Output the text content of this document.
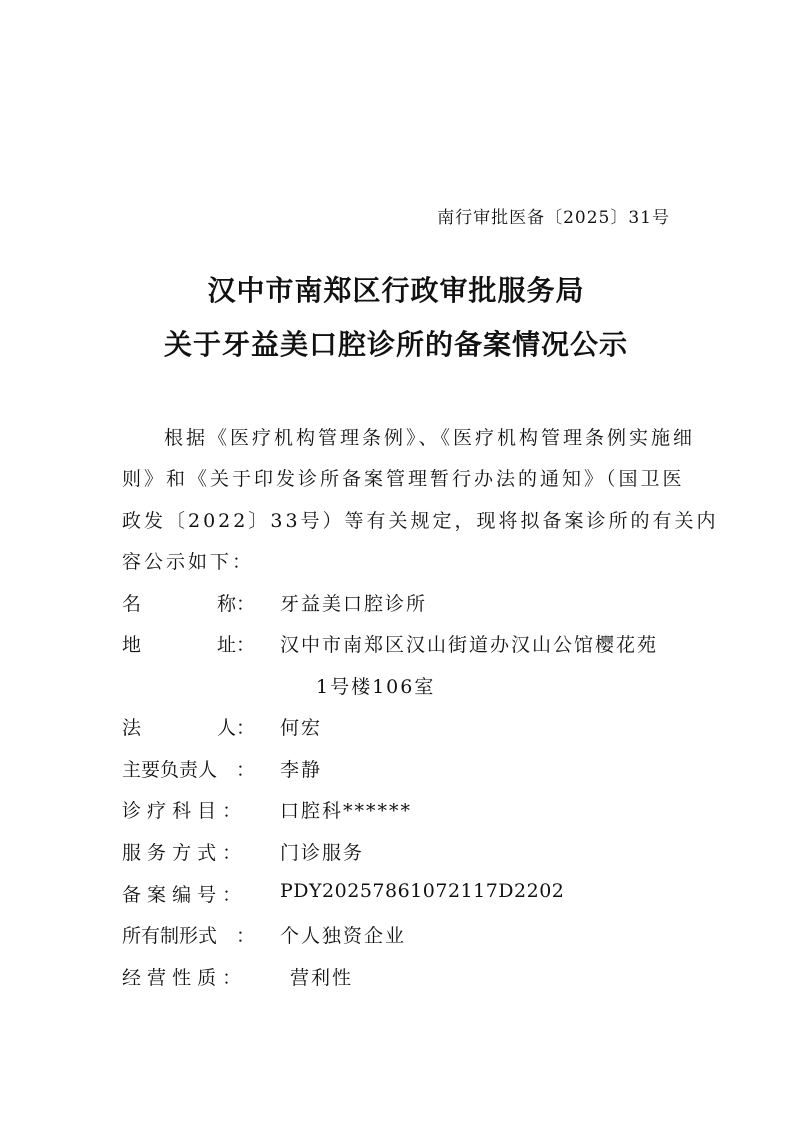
南行审批医备〔2025〕31号
汉中市南郑区行政审批服务局
关于牙益美口腔诊所的备案情况公示
根据《医疗机构管理条例》、《医疗机构管理条例实施细
则》和《关于印发诊所备案管理暂行办法的通知》（国卫医
政发〔2022〕33号）等有关规定，现将拟备案诊所的有关内
容公示如下：
名　　　　称： 牙益美口腔诊所
地　　　　址： 汉中市南郑区汉山街道办汉山公馆樱花苑
1号楼106室
法　　　　人： 何宏
主要负责人　： 李静
诊 疗 科 目 ： 口腔科******
服 务 方 式 ： 门诊服务
备 案 编 号 ： PDY20257861072117D2202
所有制形式　： 个人独资企业
经 营 性 质 ：	营利性
